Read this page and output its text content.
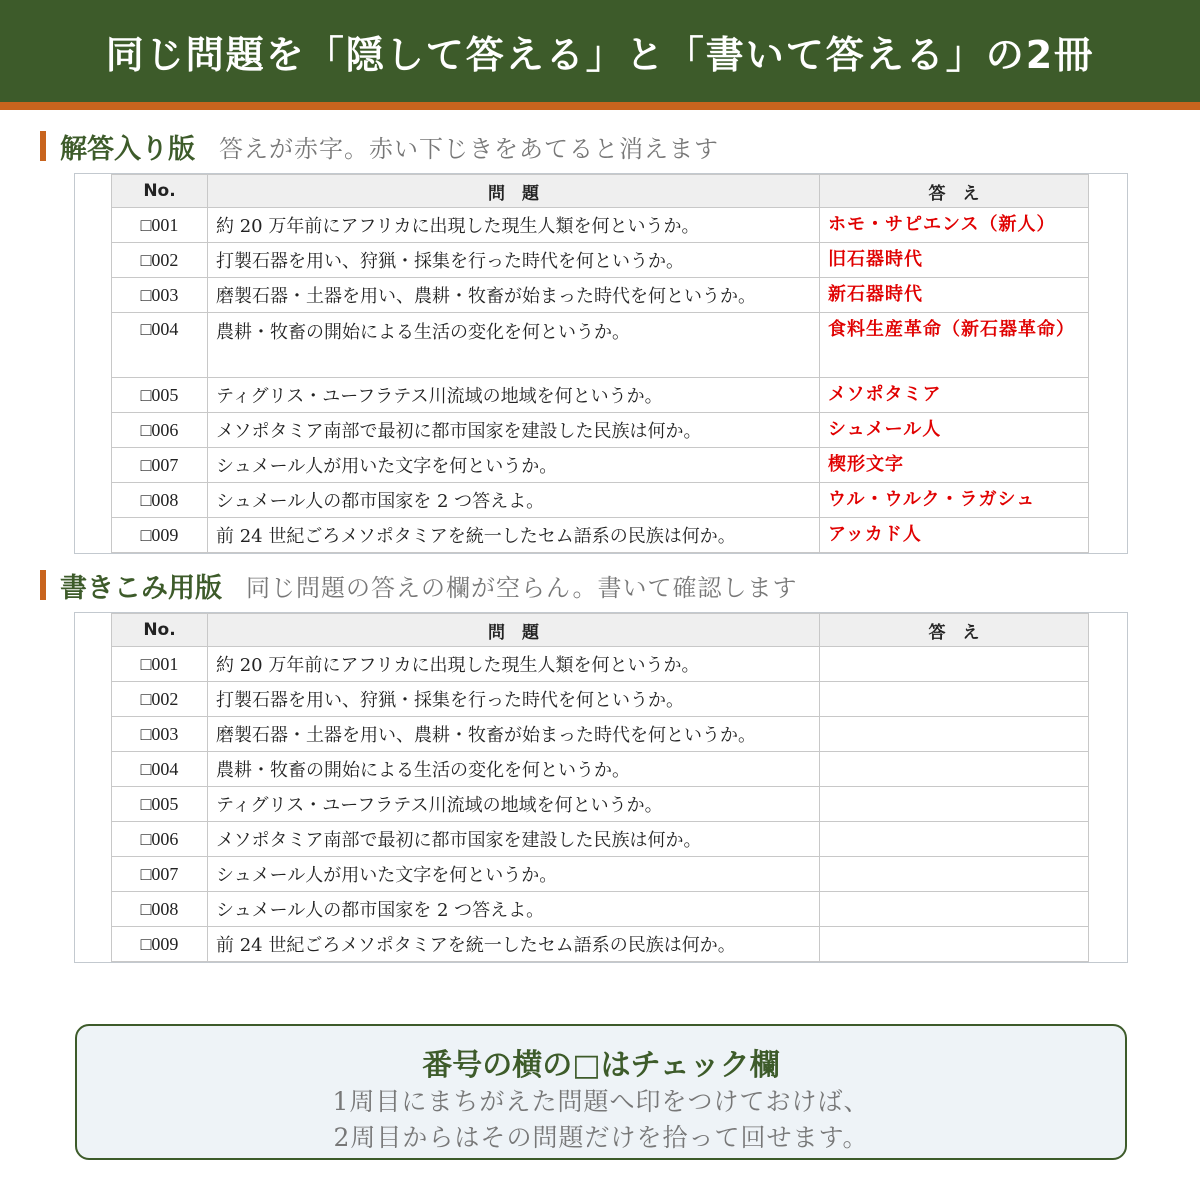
同じ問題を「隠して答える」と「書いて答える」の2冊
解答入り版 答えが赤字。赤い下じきをあてると消えます
No.	問　題	答　え
□001	約 20 万年前にアフリカに出現した現生人類を何というか。	ホモ・サピエンス（新人）
□002	打製石器を用い、狩猟・採集を行った時代を何というか。	旧石器時代
□003	磨製石器・土器を用い、農耕・牧畜が始まった時代を何というか。	新石器時代
□004	農耕・牧畜の開始による生活の変化を何というか。	食料生産革命（新石器革命）
□005	ティグリス・ユーフラテス川流域の地域を何というか。	メソポタミア
□006	メソポタミア南部で最初に都市国家を建設した民族は何か。	シュメール人
□007	シュメール人が用いた文字を何というか。	楔形文字
□008	シュメール人の都市国家を 2 つ答えよ。	ウル・ウルク・ラガシュ
□009	前 24 世紀ごろメソポタミアを統一したセム語系の民族は何か。	アッカド人
書きこみ用版 同じ問題の答えの欄が空らん。書いて確認します
No.	問　題	答　え
□001	約 20 万年前にアフリカに出現した現生人類を何というか。	
□002	打製石器を用い、狩猟・採集を行った時代を何というか。	
□003	磨製石器・土器を用い、農耕・牧畜が始まった時代を何というか。	
□004	農耕・牧畜の開始による生活の変化を何というか。	
□005	ティグリス・ユーフラテス川流域の地域を何というか。	
□006	メソポタミア南部で最初に都市国家を建設した民族は何か。	
□007	シュメール人が用いた文字を何というか。	
□008	シュメール人の都市国家を 2 つ答えよ。	
□009	前 24 世紀ごろメソポタミアを統一したセム語系の民族は何か。	
番号の横の□はチェック欄
1周目にまちがえた問題へ印をつけておけば、
2周目からはその問題だけを拾って回せます。
